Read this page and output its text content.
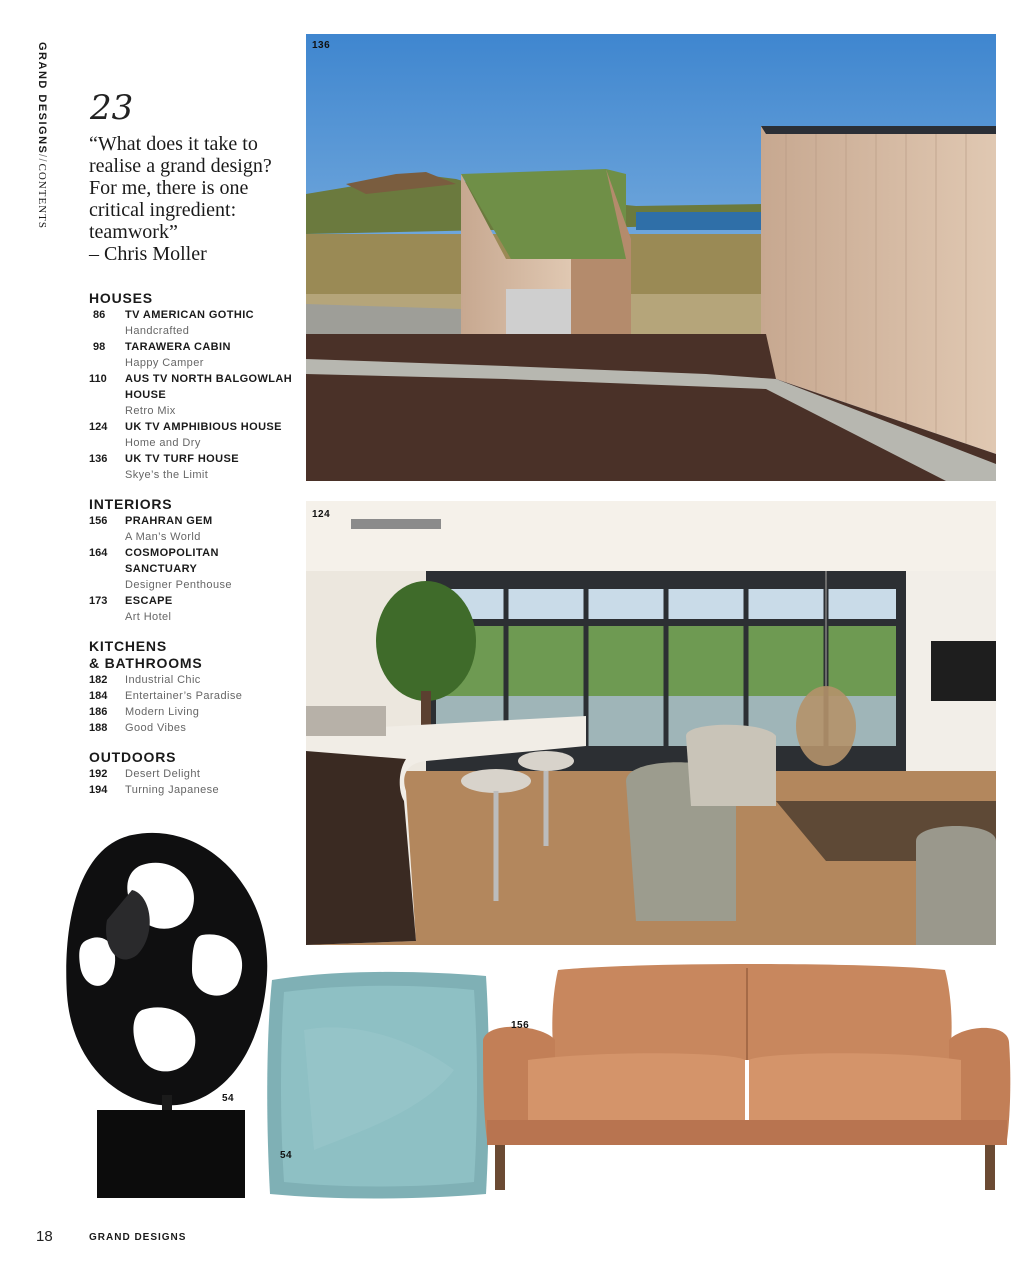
GRAND DESIGNS//CONTENTS
23
“What does it take to realise a grand design? For me, there is one critical ingredient: teamwork”
– Chris Moller
HOUSES
86	TV AMERICAN GOTHIC
Handcrafted
98	TARAWERA CABIN
Happy Camper
110	AUS TV NORTH BALGOWLAH HOUSE
Retro Mix
124	UK TV AMPHIBIOUS HOUSE
Home and Dry
136	UK TV TURF HOUSE
Skye’s the Limit
INTERIORS
156	PRAHRAN GEM
A Man’s World
164	COSMOPOLITAN SANCTUARY
Designer Penthouse
173	ESCAPE
Art Hotel
KITCHENS
& BATHROOMS
182	Industrial Chic
184	Entertainer’s Paradise
186	Modern Living
188	Good Vibes
OUTDOORS
192	Desert Delight
194	Turning Japanese
136
124
54
54
156
18	GRAND DESIGNS
